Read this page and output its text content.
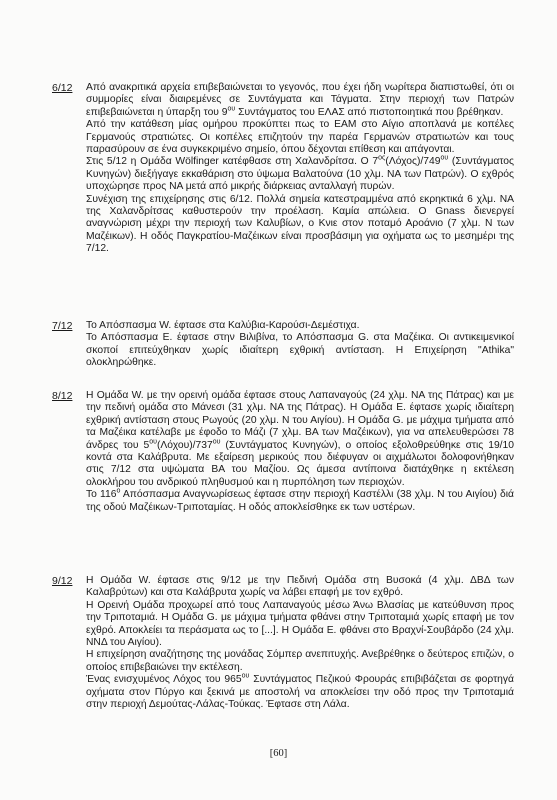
6/12 Από ανακριτικά αρχεία επιβεβαιώνεται το γεγονός, που έχει ήδη νωρίτερα διαπιστωθεί, ότι οι συμμορίες είναι διαιρεμένες σε Συντάγματα και Τάγματα. Στην περιοχή των Πατρών επιβεβαιώνεται η ύπαρξη του $9^{o\upsilon}$ Συντάγματος του ΕΛΑΣ από πιστοποιητικά που βρέθηκαν.

Από την κατάθεση μίας ομήρου προκύπτει πως το ΕΑΜ στο Αίγιο αποπλανά με κοπέλες Γερμανούς στρατιώτες. Οι κοπέλες επιζητούν την παρέα Γερμανών στρατιωτών και τους παρασύρουν σε ένα συγκεκριμένο σημείο, όπου δέχονται επίθεση και απάγονται.

Στις 5/12 η Ομάδα Wölfinger κατέφθασε στη Χαλανδρίτσα. Ο $7^{o\varsigma}(\Lambda ό\chi o\varsigma)/749^{o\upsilon}$ (Συντάγματος Κυνηγών) διεξήγαγε εκκαθάριση στο ύψωμα Βαλατούνα (10 χλμ. ΝΑ των Πατρών). Ο εχθρός υποχώρησε προς ΝΑ μετά από μικρής διάρκειας ανταλλαγή πυρών.

Συνέχιση της επιχείρησης στις 6/12. Πολλά σημεία κατεστραμμένα από εκρηκτικά 6 χλμ. ΝΑ της Χαλανδρίτσας καθυστερούν την προέλαση. Καμία απώλεια. Ο Gnass διενεργεί αναγνώριση μέχρι την περιοχή των Καλυβίων, ο Κνιε στον ποταμό Αροάνιο (7 χλμ. Ν των Μαζέικων). Η οδός Παγκρατίου-Μαζέικων είναι προσβάσιμη για οχήματα ως το μεσημέρι της 7/12.

7/12 Το Απόσπασμα W. έφτασε στα Καλύβια-Καρούσι-Δεμέστιχα.

Το Απόσπασμα Ε. έφτασε στην Βιλιβίνα, το Απόσπασμα G. στα Μαζέικα. Οι αντικειμενικοί σκοποί επιτεύχθηκαν χωρίς ιδιαίτερη εχθρική αντίσταση. Η Επιχείρηση "Athika" ολοκληρώθηκε.

8/12 Η Ομάδα W. με την ορεινή ομάδα έφτασε στους Λαπαναγούς (24 χλμ. ΝΑ της Πάτρας) και με την πεδινή ομάδα στο Μάνεσι (31 χλμ. ΝΑ της Πάτρας). Η Ομάδα Ε. έφτασε χωρίς ιδιαίτερη εχθρική αντίσταση στους Ρωγούς (20 χλμ. Ν του Αιγίου). Η Ομάδα G. με μάχιμα τμήματα από τα Μαζέικα κατέλαβε με έφοδο το Μάζι (7 χλμ. ΒΑ των Μαζέικων), για να απελευθερώσει 78 άνδρες του $5^{o\upsilon}(\Lambda ό\chi o\upsilon)/737^{o\upsilon}$ (Συντάγματος Κυνηγών), ο οποίος εξολοθρεύθηκε στις 19/10 κοντά στα Καλάβρυτα. Με εξαίρεση μερικούς που διέφυγαν οι αιχμάλωτοι δολοφονήθηκαν στις 7/12 στα υψώματα ΒΑ του Μαζίου. Ως άμεσα αντίποινα διατάχθηκε η εκτέλεση ολοκλήρου του ανδρικού πληθυσμού και η πυρπόληση των περιοχών.

Το $116^o$ Απόσπασμα Αναγνωρίσεως έφτασε στην περιοχή Καστέλλι (38 χλμ. Ν του Αιγίου) διά της οδού Μαζέικων-Τριποταμίας. Η οδός αποκλείσθηκε εκ των υστέρων.

9/12 Η Ομάδα W. έφτασε στις 9/12 με την Πεδινή Ομάδα στη Βυσοκά (4 χλμ. ΔΒΔ των Καλαβρύτων) και στα Καλάβρυτα χωρίς να λάβει επαφή με τον εχθρό.

Η Ορεινή Ομάδα προχωρεί από τους Λαπαναγούς μέσω Άνω Βλασίας με κατεύθυνση προς την Τριποταμιά. Η Ομάδα G. με μάχιμα τμήματα φθάνει στην Τριποταμιά χωρίς επαφή με τον εχθρό. Αποκλείει τα περάσματα ως το [...]. Η Ομάδα Ε. φθάνει στο Βραχνί-Σουβάρδο (24 χλμ. ΝΝΔ του Αιγίου).

Η επιχείρηση αναζήτησης της μονάδας Σόμπερ ανεπιτυχής. Ανεβρέθηκε ο δεύτερος επιζών, ο οποίος επιβεβαιώνει την εκτέλεση.

Ένας ενισχυμένος Λόχος του $965^{o\upsilon}$ Συντάγματος Πεζικού Φρουράς επιβιβάζεται σε φορτηγά οχήματα στον Πύργο και ξεκινά με αποστολή να αποκλείσει την οδό προς την Τριποταμιά στην περιοχή Δεμούτας-Λάλας-Τούκας. Έφτασε στη Λάλα.

[60]
